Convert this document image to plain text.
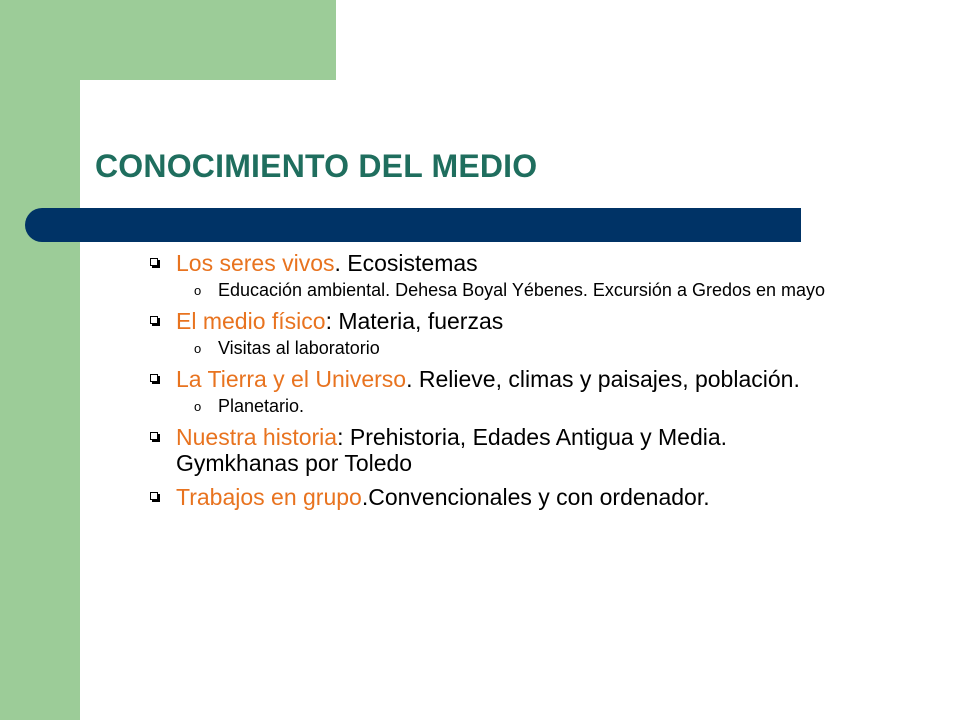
CONOCIMIENTO DEL MEDIO
Los seres vivos. Ecosistemas
o Educación ambiental. Dehesa Boyal Yébenes. Excursión a Gredos en mayo
El medio físico: Materia, fuerzas
o Visitas al laboratorio
La Tierra y el Universo. Relieve, climas y paisajes, población.
o Planetario.
Nuestra historia: Prehistoria, Edades Antigua y Media. Gymkhanas por Toledo
Trabajos en grupo.Convencionales y con ordenador.
